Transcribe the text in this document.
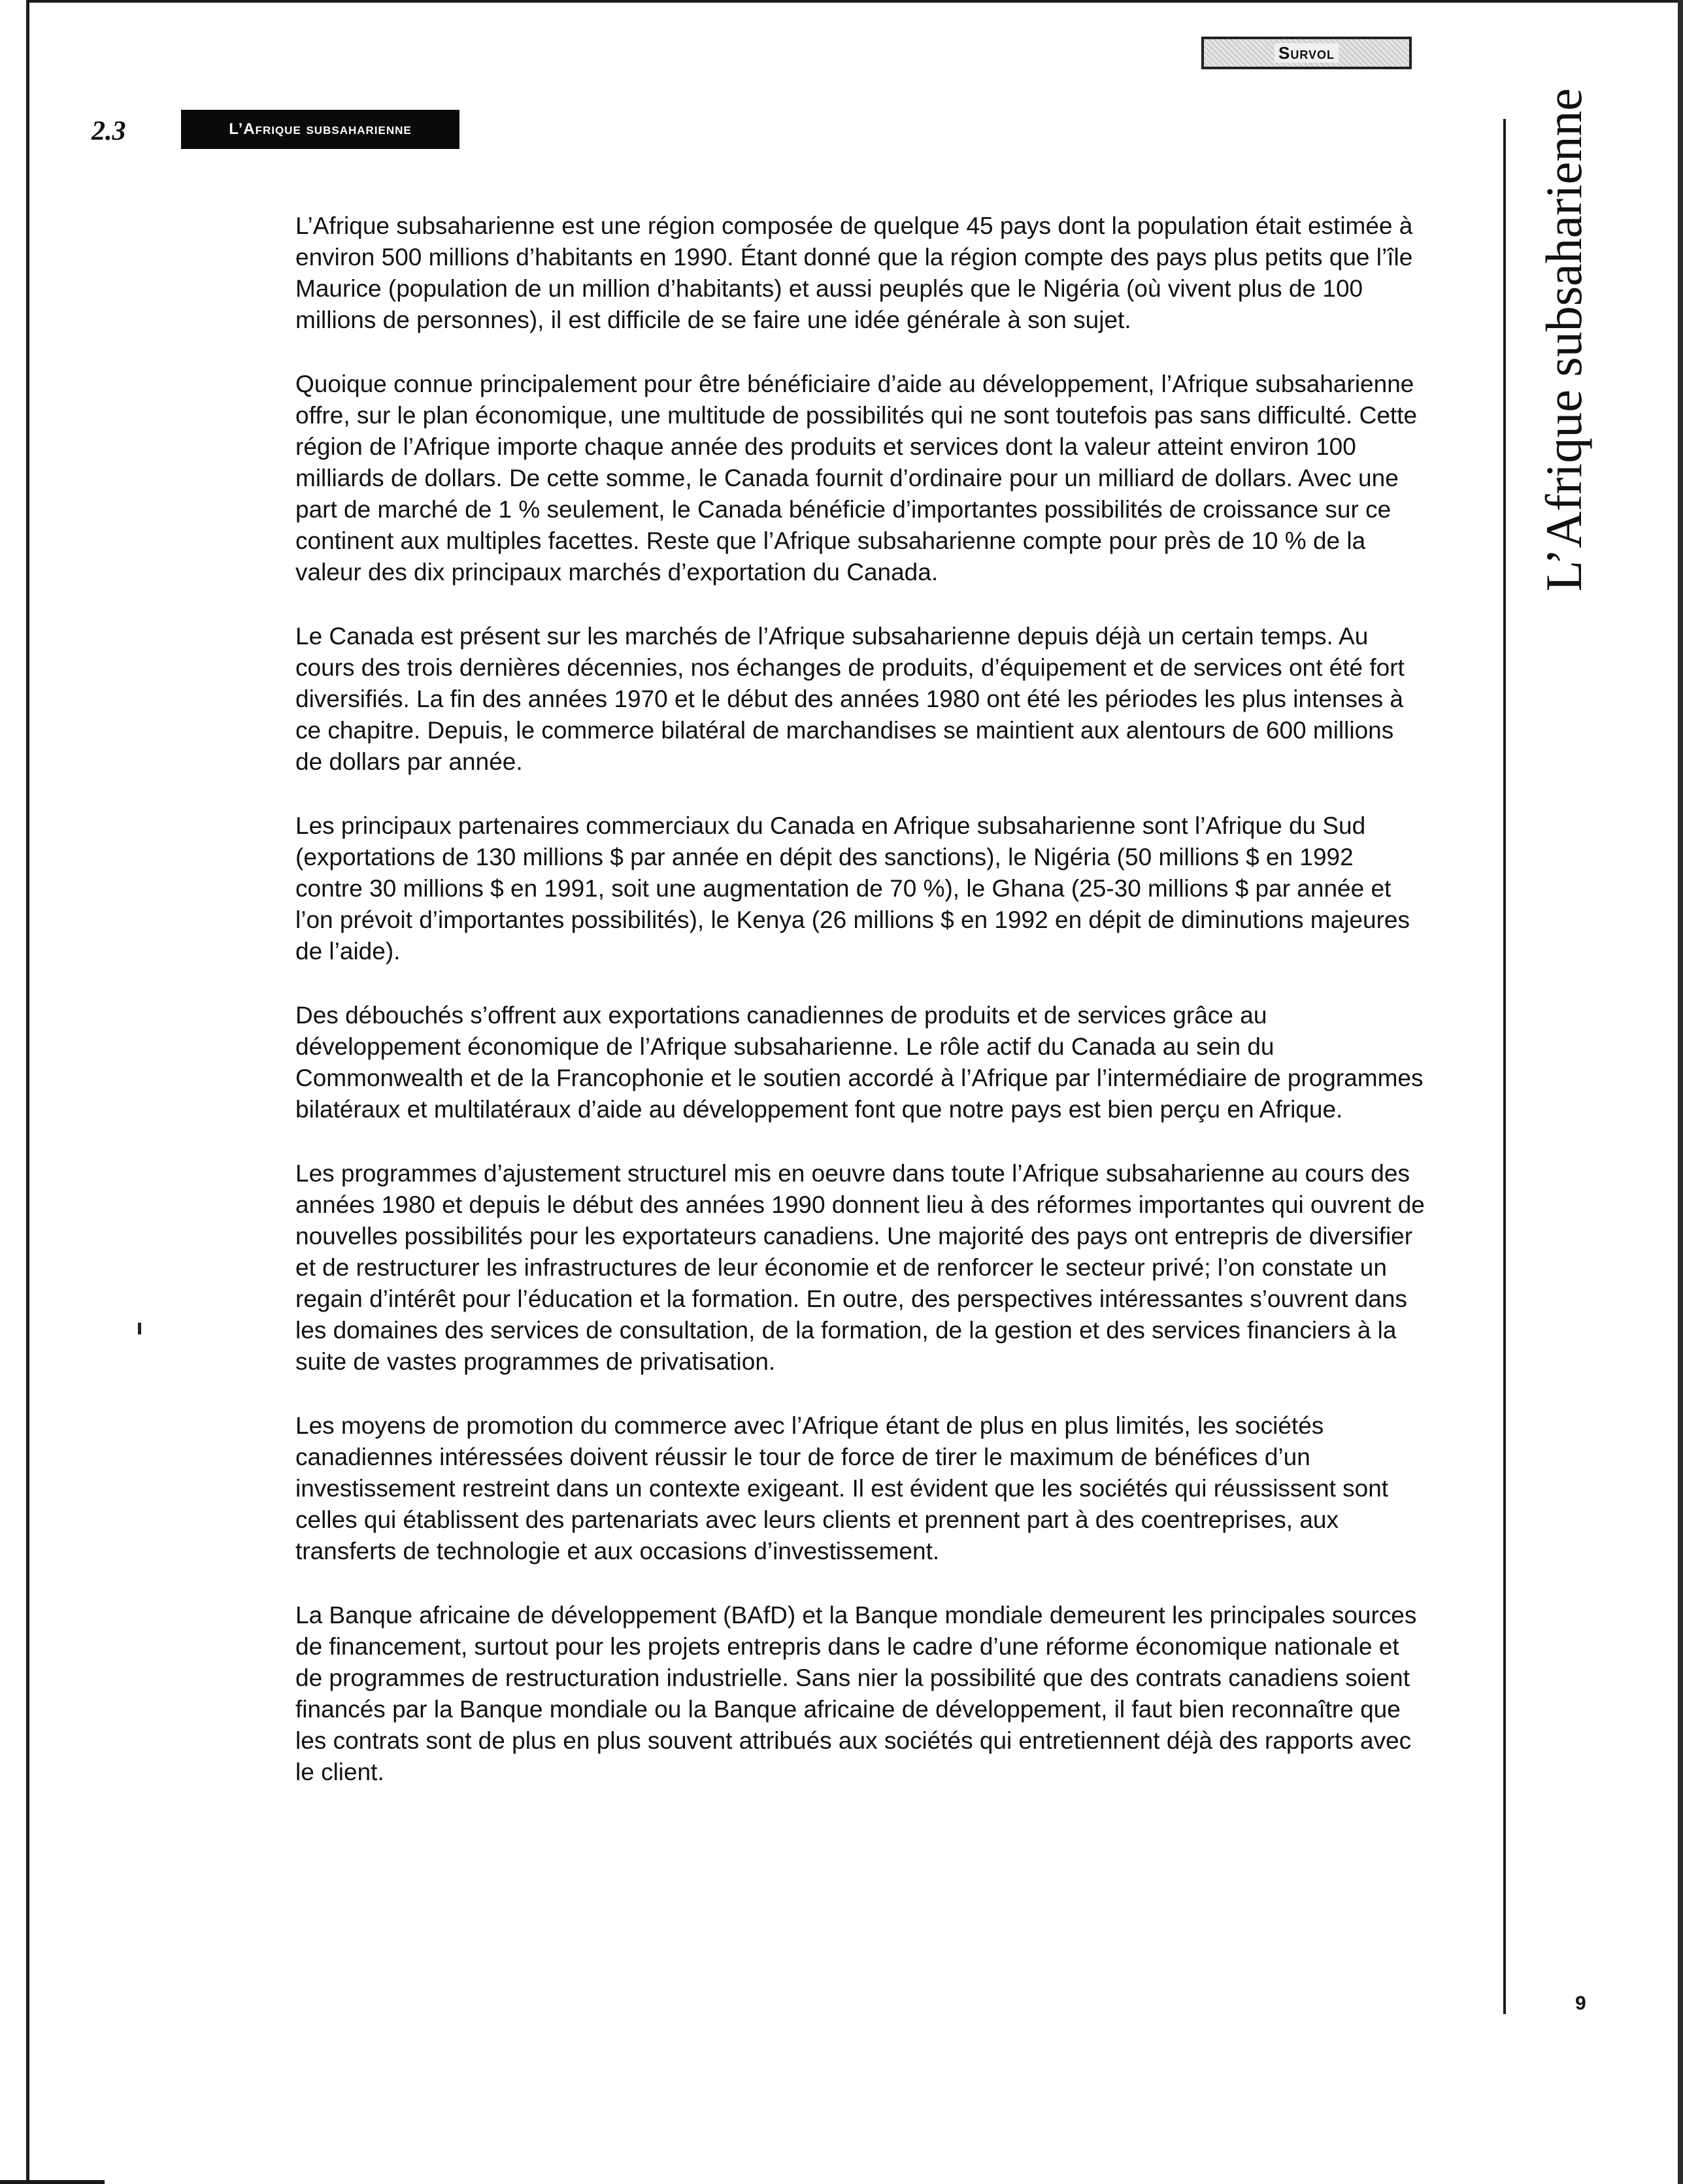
Survol
2.3	L’Afrique subsaharienne	L’Afrique subsaharienne
9

L’Afrique subsaharienne est une région composée de quelque 45 pays dont la population était estimée à environ 500 millions d’habitants en 1990. Étant donné que la région compte des pays plus petits que l’île Maurice (population de un million d’habitants) et aussi peuplés que le Nigéria (où vivent plus de 100 millions de personnes), il est difficile de se faire une idée générale à son sujet.

Quoique connue principalement pour être bénéficiaire d’aide au développement, l’Afrique subsaharienne offre, sur le plan économique, une multitude de possibilités qui ne sont toutefois pas sans difficulté. Cette région de l’Afrique importe chaque année des produits et services dont la valeur atteint environ 100 milliards de dollars. De cette somme, le Canada fournit d’ordinaire pour un milliard de dollars. Avec une part de marché de 1 % seulement, le Canada bénéficie d’importantes possibilités de croissance sur ce continent aux multiples facettes. Reste que l’Afrique subsaharienne compte pour près de 10 % de la valeur des dix principaux marchés d’exportation du Canada.

Le Canada est présent sur les marchés de l’Afrique subsaharienne depuis déjà un certain temps. Au cours des trois dernières décennies, nos échanges de produits, d’équipement et de services ont été fort diversifiés. La fin des années 1970 et le début des années 1980 ont été les périodes les plus intenses à ce chapitre. Depuis, le commerce bilatéral de marchandises se maintient aux alentours de 600 millions de dollars par année.

Les principaux partenaires commerciaux du Canada en Afrique subsaharienne sont l’Afrique du Sud (exportations de 130 millions $ par année en dépit des sanctions), le Nigéria (50 millions $ en 1992 contre 30 millions $ en 1991, soit une augmentation de 70 %), le Ghana (25-30 millions $ par année et l’on prévoit d’importantes possibilités), le Kenya (26 millions $ en 1992 en dépit de diminutions majeures de l’aide).

Des débouchés s’offrent aux exportations canadiennes de produits et de services grâce au développement économique de l’Afrique subsaharienne. Le rôle actif du Canada au sein du Commonwealth et de la Francophonie et le soutien accordé à l’Afrique par l’intermédiaire de programmes bilatéraux et multilatéraux d’aide au développement font que notre pays est bien perçu en Afrique.

Les programmes d’ajustement structurel mis en oeuvre dans toute l’Afrique subsaharienne au cours des années 1980 et depuis le début des années 1990 donnent lieu à des réformes importantes qui ouvrent de nouvelles possibilités pour les exportateurs canadiens. Une majorité des pays ont entrepris de diversifier et de restructurer les infrastructures de leur économie et de renforcer le secteur privé; l’on constate un regain d’intérêt pour l’éducation et la formation. En outre, des perspectives intéressantes s’ouvrent dans les domaines des services de consultation, de la formation, de la gestion et des services financiers à la suite de vastes programmes de privatisation.

Les moyens de promotion du commerce avec l’Afrique étant de plus en plus limités, les sociétés canadiennes intéressées doivent réussir le tour de force de tirer le maximum de bénéfices d’un investissement restreint dans un contexte exigeant. Il est évident que les sociétés qui réussissent sont celles qui établissent des partenariats avec leurs clients et prennent part à des coentreprises, aux transferts de technologie et aux occasions d’investissement.

La Banque africaine de développement (BAfD) et la Banque mondiale demeurent les principales sources de financement, surtout pour les projets entrepris dans le cadre d’une réforme économique nationale et de programmes de restructuration industrielle. Sans nier la possibilité que des contrats canadiens soient financés par la Banque mondiale ou la Banque africaine de développement, il faut bien reconnaître que les contrats sont de plus en plus souvent attribués aux sociétés qui entretiennent déjà des rapports avec le client.
